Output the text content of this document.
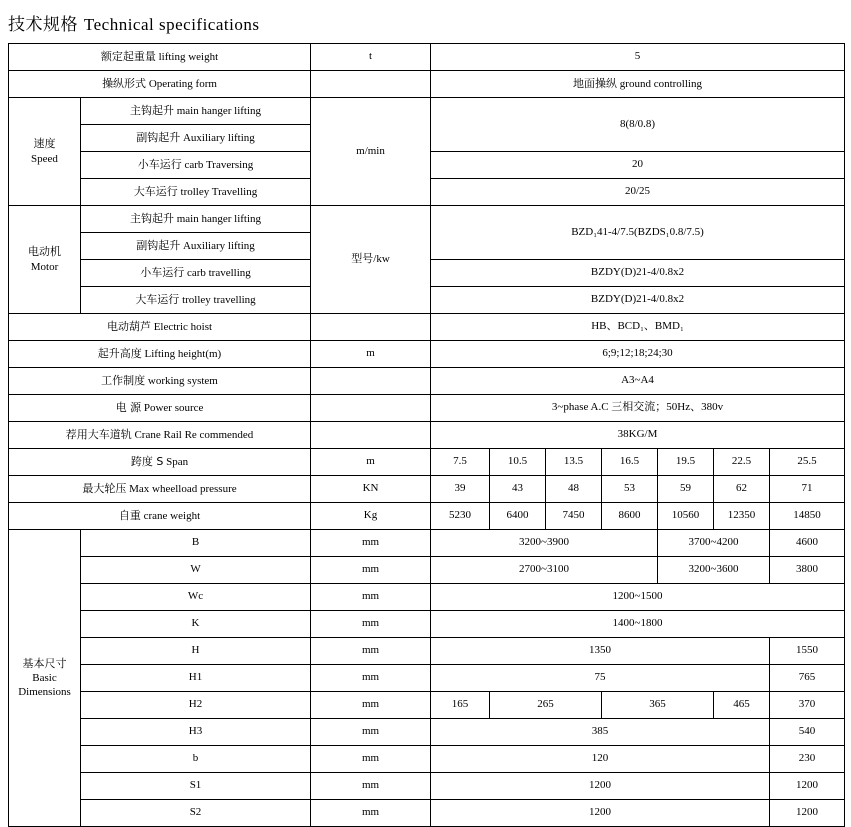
技术规格 Technical specifications
额定起重量 lifting weight		t	5						
操纵形式 Operating form			地面操纵 ground controlling						

速度
Speed	主钩起升 main hanger lifting	m/min	8(8/0.8)						
	副钩起升 Auxiliary lifting								
	小车运行 carb Traversing		20						
	大车运行 trolley Travelling		20/25						

电动机
Motor	主钩起升 main hanger lifting	型号/kw	BZD₁41-4/7.5(BZDS₁0.8/7.5)						
	副钩起升 Auxiliary lifting								
	小车运行 carb travelling		BZDY(D)21-4/0.8x2						
	大车运行 trolley travelling		BZDY(D)21-4/0.8x2						
电动葫芦 Electric hoist			HB、BCD₁、BMD₁						
起升高度 Lifting height(m)		m	6;9;12;18;24;30						
工作制度 working system			A3~A4						
电 源 Power source			3~phase A.C 三相交流；50Hz、380v						
荐用大车道轨 Crane Rail Re commended			38KG/M						
跨度 S Span		m	7.5	10.5	13.5	16.5	19.5	22.5	25.5
最大轮压 Max wheelload pressure		KN	39	43	48	53	59	62	71
自重 crane weight		Kg	5230	6400	7450	8600	10560	12350	14850

基本尺寸
Basic
Dimensions	B	mm	3200~3900				3700~4200		4600
	W	mm	2700~3100				3200~3600		3800
	Wc	mm	1200~1500						
	K	mm	1400~1800						
	H	mm	1350						1550
	H1	mm	75						765
	H2	mm	165	265		365		465	370
	H3	mm	385						540
	b	mm	120						230
	S1	mm	1200						1200
	S2	mm	1200						1200
